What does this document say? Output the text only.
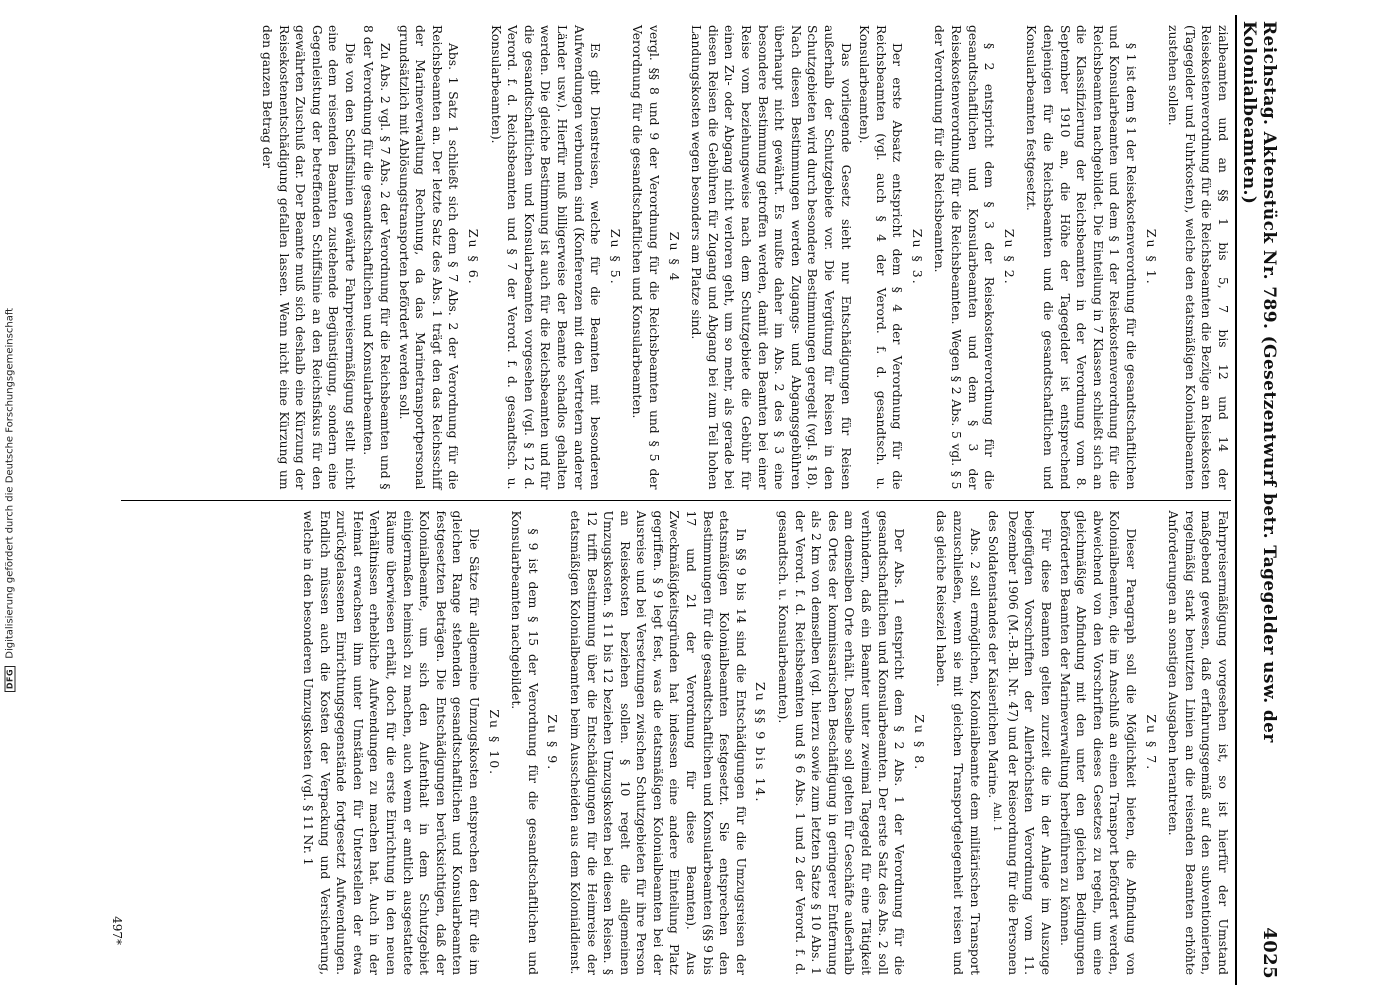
DFG Digitalisierung gefördert durch die Deutsche Forschungsgemeinschaft	Reichstag. Aktenstück Nr. 789. (Gesetzentwurf betr. Tagegelder usw. der Kolonialbeamten.)
4025

zialbeamten und an §§ 1 bis 5, 7 bis 12 und 14 der Reisekostenverordnung für die Reichsbeamten die Bezüge an Reisekosten (Tagegelder und Fuhrkosten), welche den etatsmäßigen Kolonialbeamten zustehen sollen.

Zu § 1.

§ 1 ist dem § 1 der Reisekostenverordnung für die gesandtschaftlichen und Konsularbeamten und dem § 1 der Reisekostenverordnung für die Reichsbeamten nachgebildet. Die Einteilung in 7 Klassen schließt sich an die Klassifizierung der Reichsbeamten in der Verordnung vom 8. September 1910 an, die Höhe der Tagegelder ist entsprechend denjenigen für die Reichsbeamten und die gesandtschaftlichen und Konsularbeamten festgesetzt.

Zu § 2.

§ 2 entspricht dem § 3 der Reisekostenverordnung für die gesandtschaftlichen und Konsularbeamten und dem § 3 der Reisekostenverordnung für die Reichsbeamten. Wegen § 2 Abs. 5 vgl. § 5 der Verordnung für die Reichsbeamten.

Zu § 3.

Der erste Absatz entspricht dem § 4 der Verordnung für die Reichsbeamten (vgl. auch § 4 der Verord. f. d. gesandtsch. u. Konsularbeamten).

Das vorliegende Gesetz sieht nur Entschädigungen für Reisen außerhalb der Schutzgebiete vor. Die Vergütung für Reisen in den Schutzgebieten wird durch besondere Bestimmungen geregelt (vgl. § 18). Nach diesen Bestimmungen werden Zugangs- und Abgangsgebühren überhaupt nicht gewährt. Es mußte daher im Abs. 2 des § 3 eine besondere Bestimmung getroffen werden, damit den Beamten bei einer Reise vom beziehungsweise nach dem Schutzgebiete die Gebühr für einen Zu- oder Abgang nicht verloren geht, um so mehr, als gerade bei diesen Reisen die Gebühren für Zugang und Abgang bei zum Teil hohen Landungskosten wegen besonders am Platze sind.

Zu § 4

vergl. §§ 8 und 9 der Verordnung für die Reichsbeamten und § 5 der Verordnung für die gesandtschaftlichen und Konsularbeamten.

Zu § 5.

Es gibt Dienstreisen, welche für die Beamten mit besonderen Aufwendungen verbunden sind (Konferenzen mit den Vertretern anderer Länder usw.). Hierfür muß billigerweise der Beamte schadlos gehalten werden. Die gleiche Bestimmung ist auch für die Reichsbeamten und für die gesandtschaftlichen und Konsularbeamten vorgesehen (vgl. § 12 d. Verord. f. d. Reichsbeamten und § 7 der Verord. f. d. gesandtsch. u. Konsularbeamten).

Zu § 6.

Abs. 1 Satz 1 schließt sich dem § 7 Abs. 2 der Verordnung für die Reichsbeamten an. Der letzte Satz des Abs. 1 trägt den das Reichsschiff der Marineverwaltung Rechnung, da das Marinetransportpersonal grundsätzlich mit Ablösungstransporten befördert werden soll.

Zu Abs. 2 vgl. § 7 Abs. 2 der Verordnung für die Reichsbeamten und § 8 der Verordnung für die gesandtschaftlichen und Konsularbeamten.

Die von den Schiffslinien gewährte Fahrpreisermäßigung stellt nicht eine dem reisenden Beamten zustehende Begünstigung, sondern eine Gegenleistung der betreffenden Schiffslinie an den Reichsfiskus für den gewährten Zuschuß dar. Der Beamte muß sich deshalb eine Kürzung der Reisekostenentschädigung gefallen lassen. Wenn nicht eine Kürzung um den ganzen Betrag der

Fahrpreisermäßigung vorgesehen ist, so ist hierfür der Umstand maßgebend gewesen, daß erfahrungsgemäß auf den subventionierten, regelmäßig stark benutzten Linien an die reisenden Beamten erhöhte Anforderungen an sonstigen Ausgaben herantreten.

Zu § 7.

Dieser Paragraph soll die Möglichkeit bieten, die Abfindung von Kolonialbeamten, die im Anschluß an einen Transport befördert werden, abweichend von den Vorschriften dieses Gesetzes zu regeln, um eine gleichmäßige Abfindung mit den unter den gleichen Bedingungen beförderten Beamten der Marineverwaltung herbeiführen zu können.

Für diese Beamten gelten zurzeit die in der Anlage im Auszuge beigefügten Vorschriften der Allerhöchsten Verordnung vom 11. Dezember 1906 (M.-B.-Bl. Nr. 47) und der Reiseordnung für die Personen des Soldatenstandes der Kaiserlichen Marine. $^{Anl. 1}$

Abs. 2 soll ermöglichen, Kolonialbeamte dem militärischen Transport anzuschließen, wenn sie mit gleichen Transportgelegenheit reisen und das gleiche Reiseziel haben.

Zu § 8.

Der Abs. 1 entspricht dem § 2 Abs. 1 der Verordnung für die gesandtschaftlichen und Konsularbeamten. Der erste Satz des Abs. 2 soll verhindern, daß ein Beamter unter zweimal Tagegeld für eine Tätigkeit am demselben Orte erhält. Dasselbe soll gelten für Geschäfte außerhalb des Ortes der kommissarischen Beschäftigung in geringerer Entfernung als 2 km von demselben (vgl. hierzu sowie zum letzten Satze § 10 Abs. 1 der Verord. f. d. Reichsbeamten und § 6 Abs. 1 und 2 der Verord. f. d. gesandtsch. u. Konsularbeamten).

Zu §§ 9 bis 14.

In §§ 9 bis 14 sind die Entschädigungen für die Umzugsreisen der etatsmäßigen Kolonialbeamten festgesetzt. Sie entsprechen den Bestimmungen für die gesandtschaftlichen und Konsularbeamten (§§ 9 bis 17 und 21 der Verordnung für diese Beamten). Aus Zweckmäßigkeitsgründen hat indessen eine andere Einteilung Platz gegriffen. § 9 legt fest, was die etatsmäßigen Kolonialbeamten bei der Ausreise und bei Versetzungen zwischen Schutzgebieten für ihre Person an Reisekosten beziehen sollen. § 10 regelt die allgemeinen Umzugskosten. § 11 bis 12 beziehen Umzugskosten bei diesen Reisen. § 12 trifft Bestimmung über die Entschädigungen für die Heimreise der etatsmäßigen Kolonialbeamten beim Ausscheiden aus dem Kolonialdienst.

Zu § 9.

§ 9 ist dem § 15 der Verordnung für die gesandtschaftlichen und Konsularbeamten nachgebildet.

Zu § 10.

Die Sätze für allgemeine Umzugskosten entsprechen den für die im gleichen Range stehenden gesandtschaftlichen und Konsularbeamten festgesetzten Beträgen. Die Entschädigungen berücksichtigen, daß der Kolonialbeamte, um sich den Aufenthalt in dem Schutzgebiet einigermaßen heimisch zu machen, auch wenn er amtlich ausgestattete Räume überwiesen erhält, doch für die erste Einrichtung in den neuen Verhältnissen erhebliche Aufwendungen zu machen hat. Auch in der Heimat erwachsen ihm unter Umständen für Unterstellen der etwa zurückgelassenen Einrichtungsgegenstände fortgesetzt Aufwendungen. Endlich müssen auch die Kosten der Verpackung und Versicherung, welche in den besonderen Umzugskosten (vgl. § 11 Nr. 1

497*
